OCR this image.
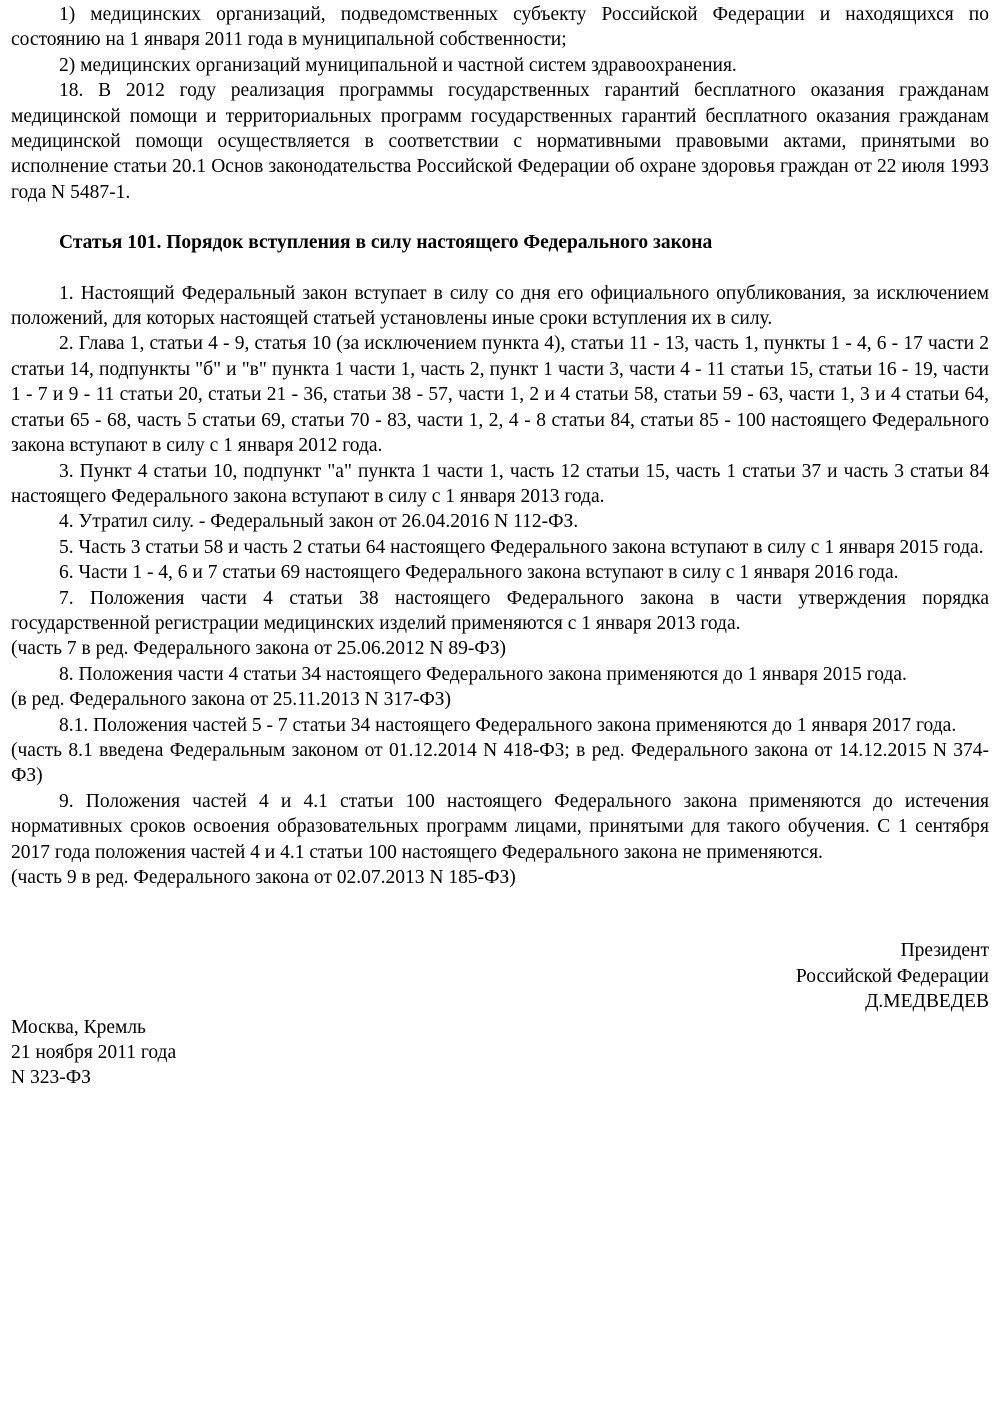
1) медицинских организаций, подведомственных субъекту Российской Федерации и находящихся по состоянию на 1 января 2011 года в муниципальной собственности;

2) медицинских организаций муниципальной и частной систем здравоохранения.

18. В 2012 году реализация программы государственных гарантий бесплатного оказания гражданам медицинской помощи и территориальных программ государственных гарантий бесплатного оказания гражданам медицинской помощи осуществляется в соответствии с нормативными правовыми актами, принятыми во исполнение статьи 20.1 Основ законодательства Российской Федерации об охране здоровья граждан от 22 июля 1993 года N 5487-1.

Статья 101. Порядок вступления в силу настоящего Федерального закона

1. Настоящий Федеральный закон вступает в силу со дня его официального опубликования, за исключением положений, для которых настоящей статьей установлены иные сроки вступления их в силу.

2. Глава 1, статьи 4 - 9, статья 10 (за исключением пункта 4), статьи 11 - 13, часть 1, пункты 1 - 4, 6 - 17 части 2 статьи 14, подпункты "б" и "в" пункта 1 части 1, часть 2, пункт 1 части 3, части 4 - 11 статьи 15, статьи 16 - 19, части 1 - 7 и 9 - 11 статьи 20, статьи 21 - 36, статьи 38 - 57, части 1, 2 и 4 статьи 58, статьи 59 - 63, части 1, 3 и 4 статьи 64, статьи 65 - 68, часть 5 статьи 69, статьи 70 - 83, части 1, 2, 4 - 8 статьи 84, статьи 85 - 100 настоящего Федерального закона вступают в силу с 1 января 2012 года.

3. Пункт 4 статьи 10, подпункт "а" пункта 1 части 1, часть 12 статьи 15, часть 1 статьи 37 и часть 3 статьи 84 настоящего Федерального закона вступают в силу с 1 января 2013 года.

4. Утратил силу. - Федеральный закон от 26.04.2016 N 112-ФЗ.

5. Часть 3 статьи 58 и часть 2 статьи 64 настоящего Федерального закона вступают в силу с 1 января 2015 года.

6. Части 1 - 4, 6 и 7 статьи 69 настоящего Федерального закона вступают в силу с 1 января 2016 года.

7. Положения части 4 статьи 38 настоящего Федерального закона в части утверждения порядка государственной регистрации медицинских изделий применяются с 1 января 2013 года.

(часть 7 в ред. Федерального закона от 25.06.2012 N 89-ФЗ)

8. Положения части 4 статьи 34 настоящего Федерального закона применяются до 1 января 2015 года.

(в ред. Федерального закона от 25.11.2013 N 317-ФЗ)

8.1. Положения частей 5 - 7 статьи 34 настоящего Федерального закона применяются до 1 января 2017 года.

(часть 8.1 введена Федеральным законом от 01.12.2014 N 418-ФЗ; в ред. Федерального закона от 14.12.2015 N 374-ФЗ)

9. Положения частей 4 и 4.1 статьи 100 настоящего Федерального закона применяются до истечения нормативных сроков освоения образовательных программ лицами, принятыми для такого обучения. С 1 сентября 2017 года положения частей 4 и 4.1 статьи 100 настоящего Федерального закона не применяются.

(часть 9 в ред. Федерального закона от 02.07.2013 N 185-ФЗ)

Президент
Российской Федерации
Д.МЕДВЕДЕВ
Москва, Кремль
21 ноября 2011 года
N 323-ФЗ
